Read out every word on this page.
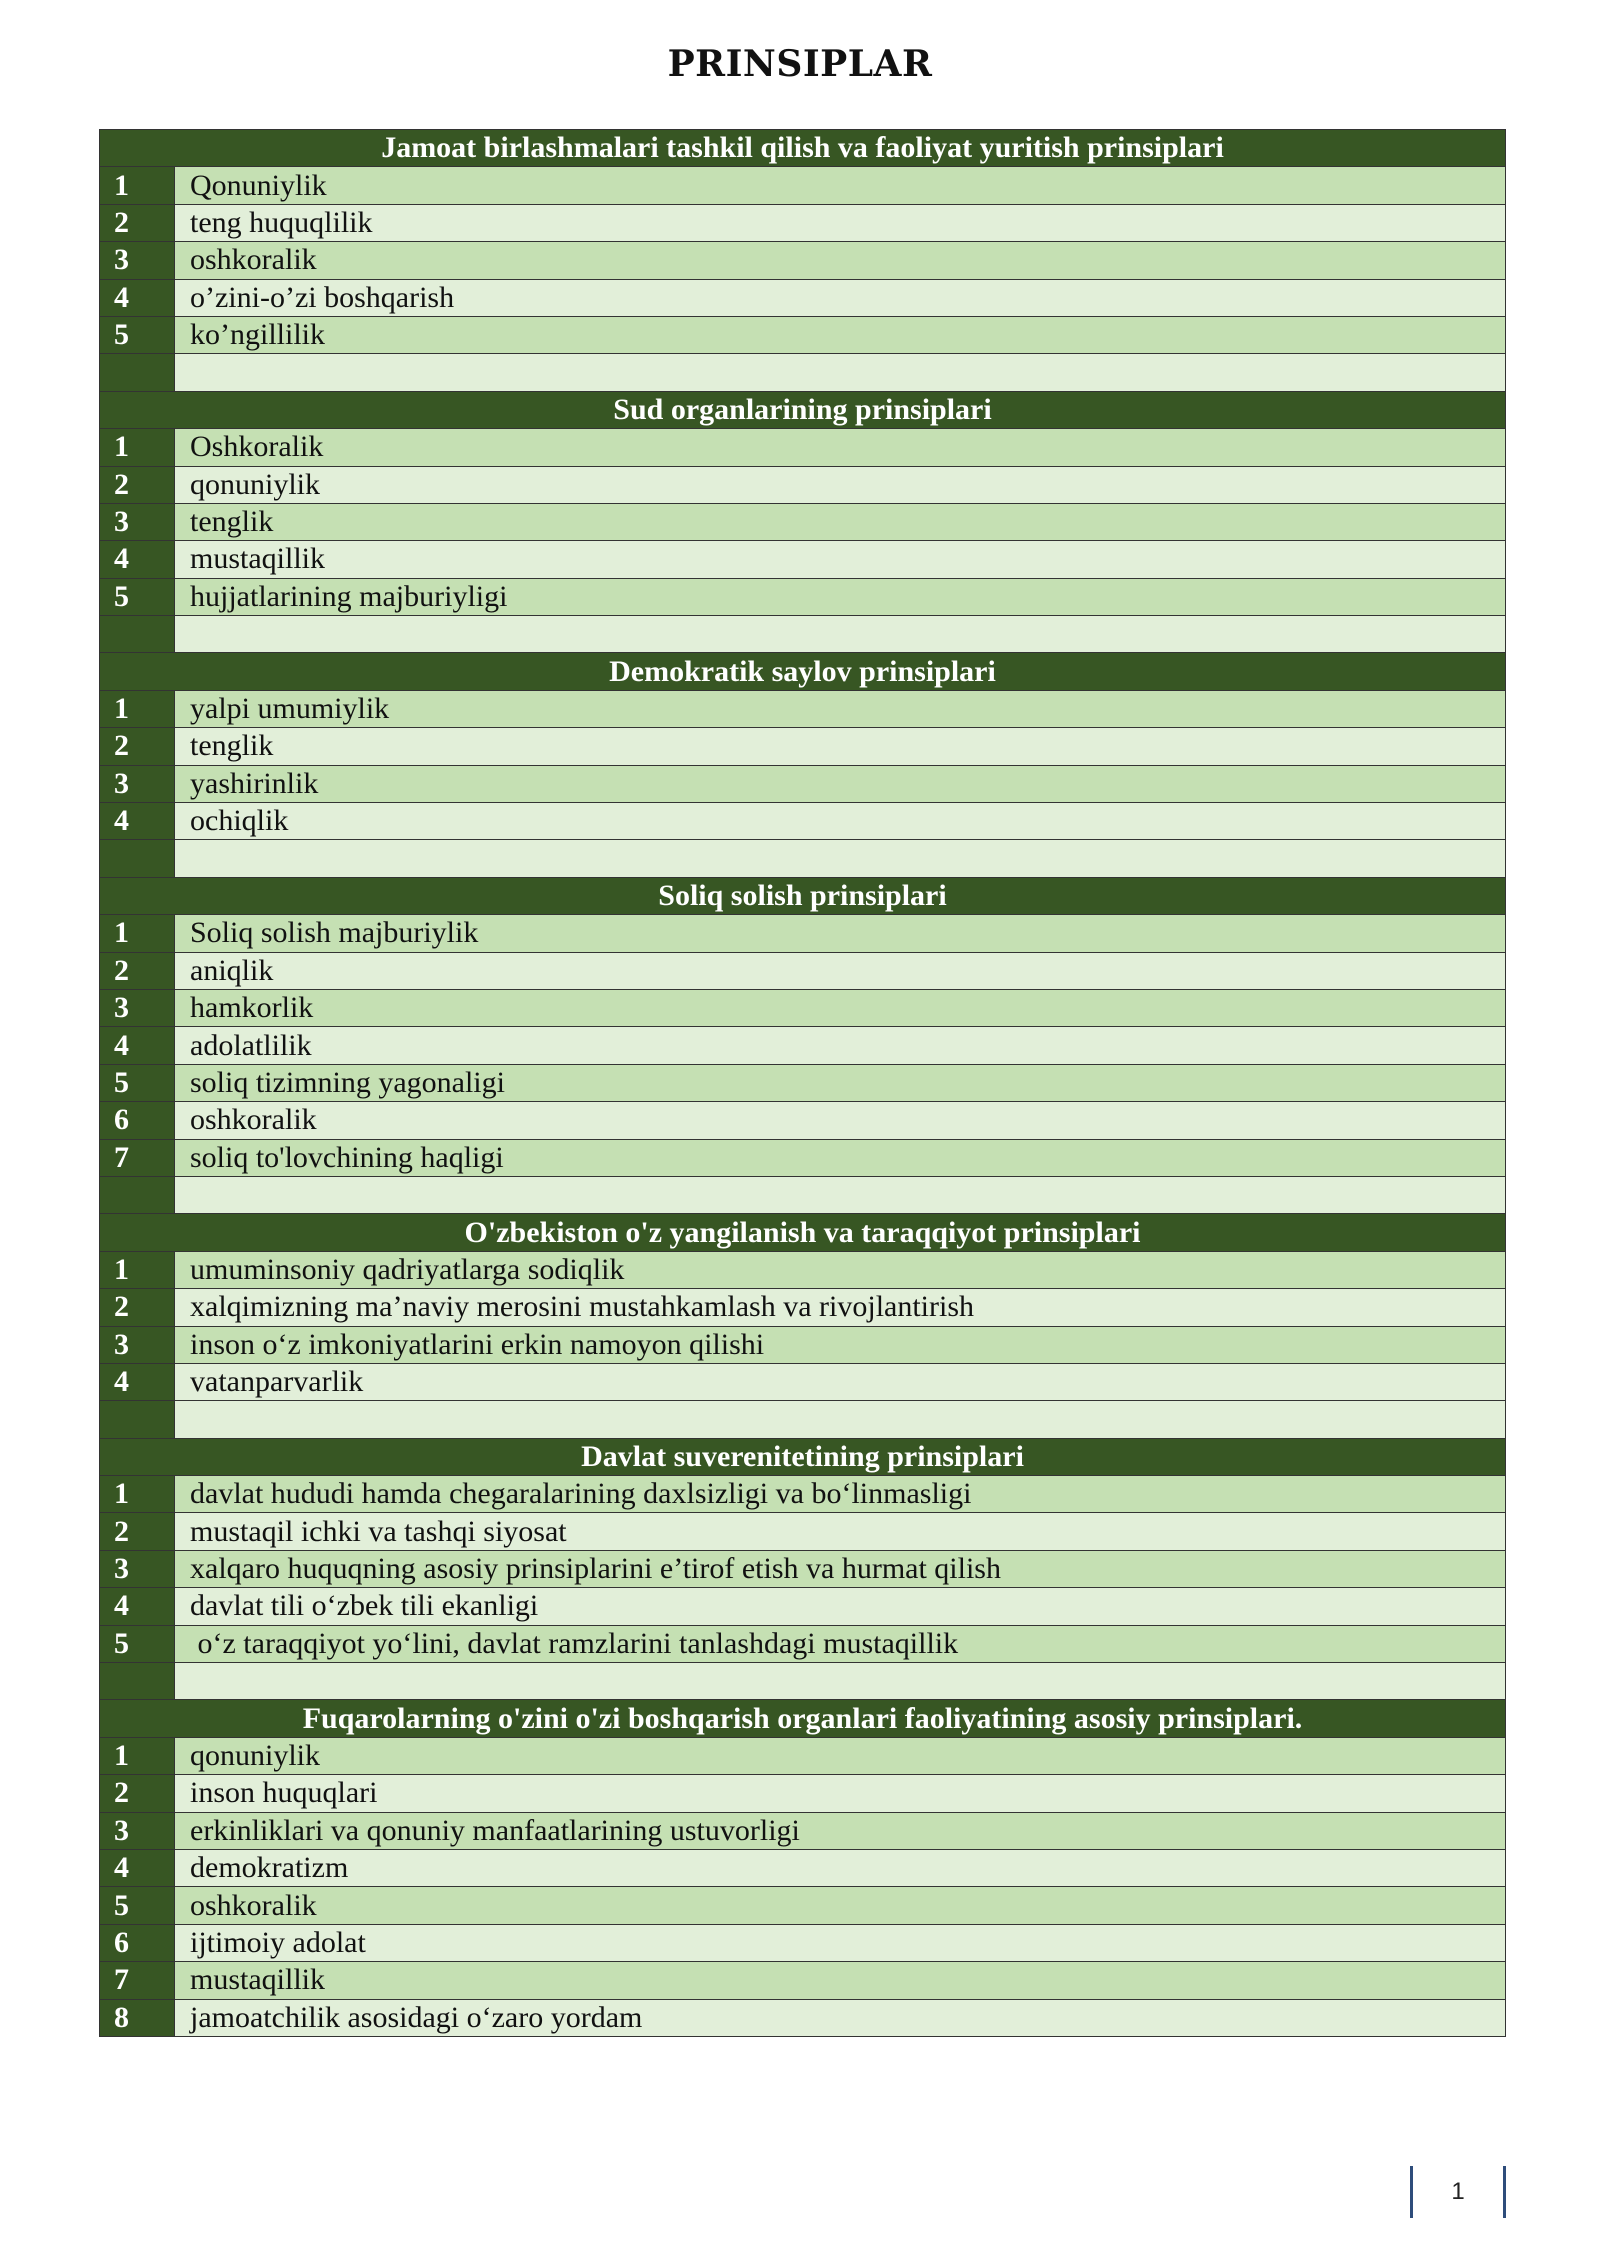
PRINSIPLAR
Jamoat birlashmalari tashkil qilish va faoliyat yuritish prinsiplari	
1	Qonuniylik
2	teng huquqlilik
3	oshkoralik
4	o’zini-o’zi boshqarish
5	ko’ngillilik

Sud organlarining prinsiplari	
1	Oshkoralik
2	qonuniylik
3	tenglik
4	mustaqillik
5	hujjatlarining majburiyligi

Demokratik saylov prinsiplari	
1	yalpi umumiylik
2	tenglik
3	yashirinlik
4	ochiqlik

Soliq solish prinsiplari	
1	Soliq solish majburiylik
2	aniqlik
3	hamkorlik
4	adolatlilik
5	soliq tizimning yagonaligi
6	oshkoralik
7	soliq to'lovchining haqligi

O'zbekiston o'z yangilanish va taraqqiyot prinsiplari	
1	umuminsoniy qadriyatlarga sodiqlik
2	xalqimizning ma’naviy merosini mustahkamlash va rivojlantirish
3	inson o‘z imkoniyatlarini erkin namoyon qilishi
4	vatanparvarlik

Davlat suverenitetining prinsiplari	
1	davlat hududi hamda chegaralarining daxlsizligi va bo‘linmasligi
2	mustaqil ichki va tashqi siyosat
3	xalqaro huquqning asosiy prinsiplarini e’tirof etish va hurmat qilish
4	davlat tili o‘zbek tili ekanligi
5	o‘z taraqqiyot yo‘lini, davlat ramzlarini tanlashdagi mustaqillik

Fuqarolarning o'zini o'zi boshqarish organlari faoliyatining asosiy prinsiplari.	
1	qonuniylik
2	inson huquqlari
3	erkinliklari va qonuniy manfaatlarining ustuvorligi
4	demokratizm
5	oshkoralik
6	ijtimoiy adolat
7	mustaqillik
8	jamoatchilik asosidagi o‘zaro yordam
1
